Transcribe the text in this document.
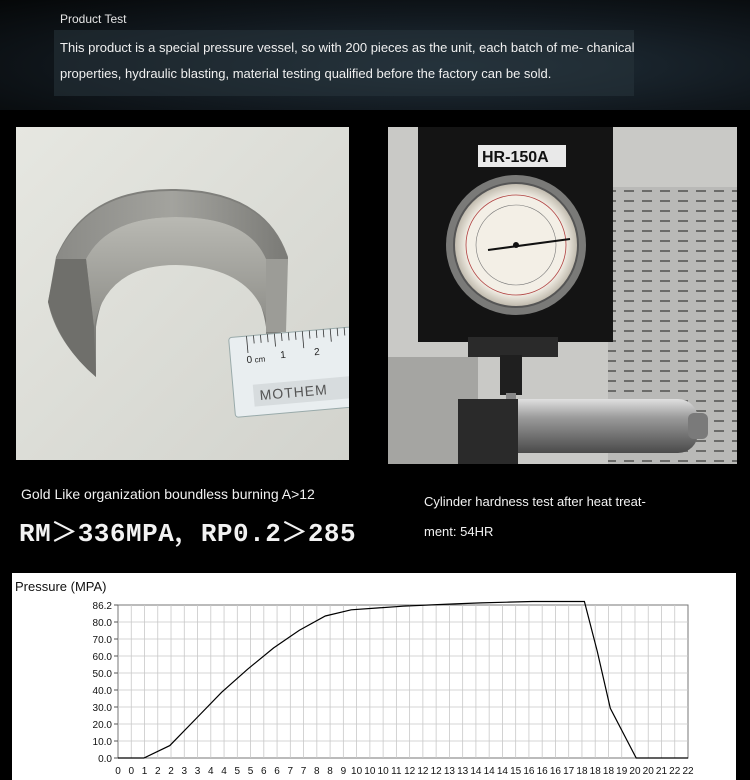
Product Test
This product is a special pressure vessel, so with 200 pieces as the unit, each batch of me- chanical properties, hydraulic blasting, material testing qualified before the factory can be sold.
0 cm 1	2
MOTHEM
HR-150A
Gold Like organization boundless burning A>12
RM＞336MPA，RP0.2＞285
Cylinder hardness test after heat treat- ment: 54HR
Pressure (MPA)
0 0 1 2 2 3 3 4 4 5 5 6 6 7 7 8 8 9 10 10 10 11 12 12 12 13 13 14 14 14 15 16 16 16 17 18 18 18 19 20 20 21 22 22
0.0
10.0
20.0
30.0
40.0
50.0
60.0
70.0
80.0
86.2
